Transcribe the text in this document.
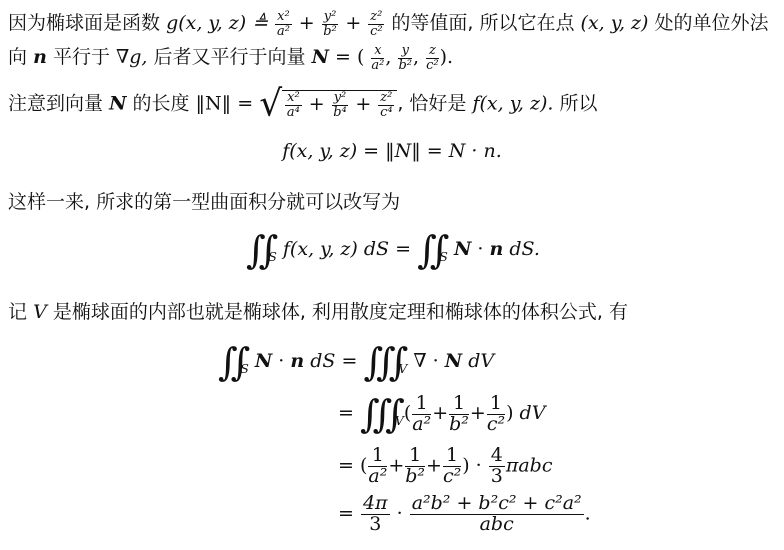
因为椭球面是函数 g(x, y, z) ≜ $\frac{\text{x²}}{\text{a²}} + \frac{\text{y²}}{\text{b²}} + \frac{\text{z²}}{\text{c²}}$ 的等值面, 所以它在点 (x, y, z) 处的单位外法
向 n 平行于 ∇g, 后者又平行于向量 N = ( $\frac{x}{\text{a²}}$ , $\frac{y}{\text{b²}}$ , $\frac{z}{\text{c²}}$ ).
注意到向量 N 的长度 ‖N‖ = √ $\frac{\text{x²}}{\text{a⁴}} + \frac{\text{y²}}{\text{b⁴}} + \frac{\text{z²}}{\text{c⁴}}$ , 恰好是 f(x, y, z). 所以
f(x, y, z) = ‖N‖ = N · n.
这样一来, 所求的第一型曲面积分就可以改写为
$∬_S$ f(x, y, z) dS = $∬_S$ N · n dS.
记 V 是椭球面的内部也就是椭球体, 利用散度定理和椭球体的体积公式, 有
$∬_S$ N · n dS = $∭_V$ ∇ · N dV
= $∭_V( \frac{1}{\text{a²}} + \frac{1}{\text{b²}} + \frac{1}{\text{c²}}$ ) dV
= ( $\frac{1}{\text{a²}} + \frac{1}{\text{b²}} + \frac{1}{\text{c²}}$ ) · $\frac{4}{3}$ πabc
= $\frac{4\pi}{3} \cdot \frac{\text{a²b² + b²c² + c²a²}}{\text{abc}}$ .
